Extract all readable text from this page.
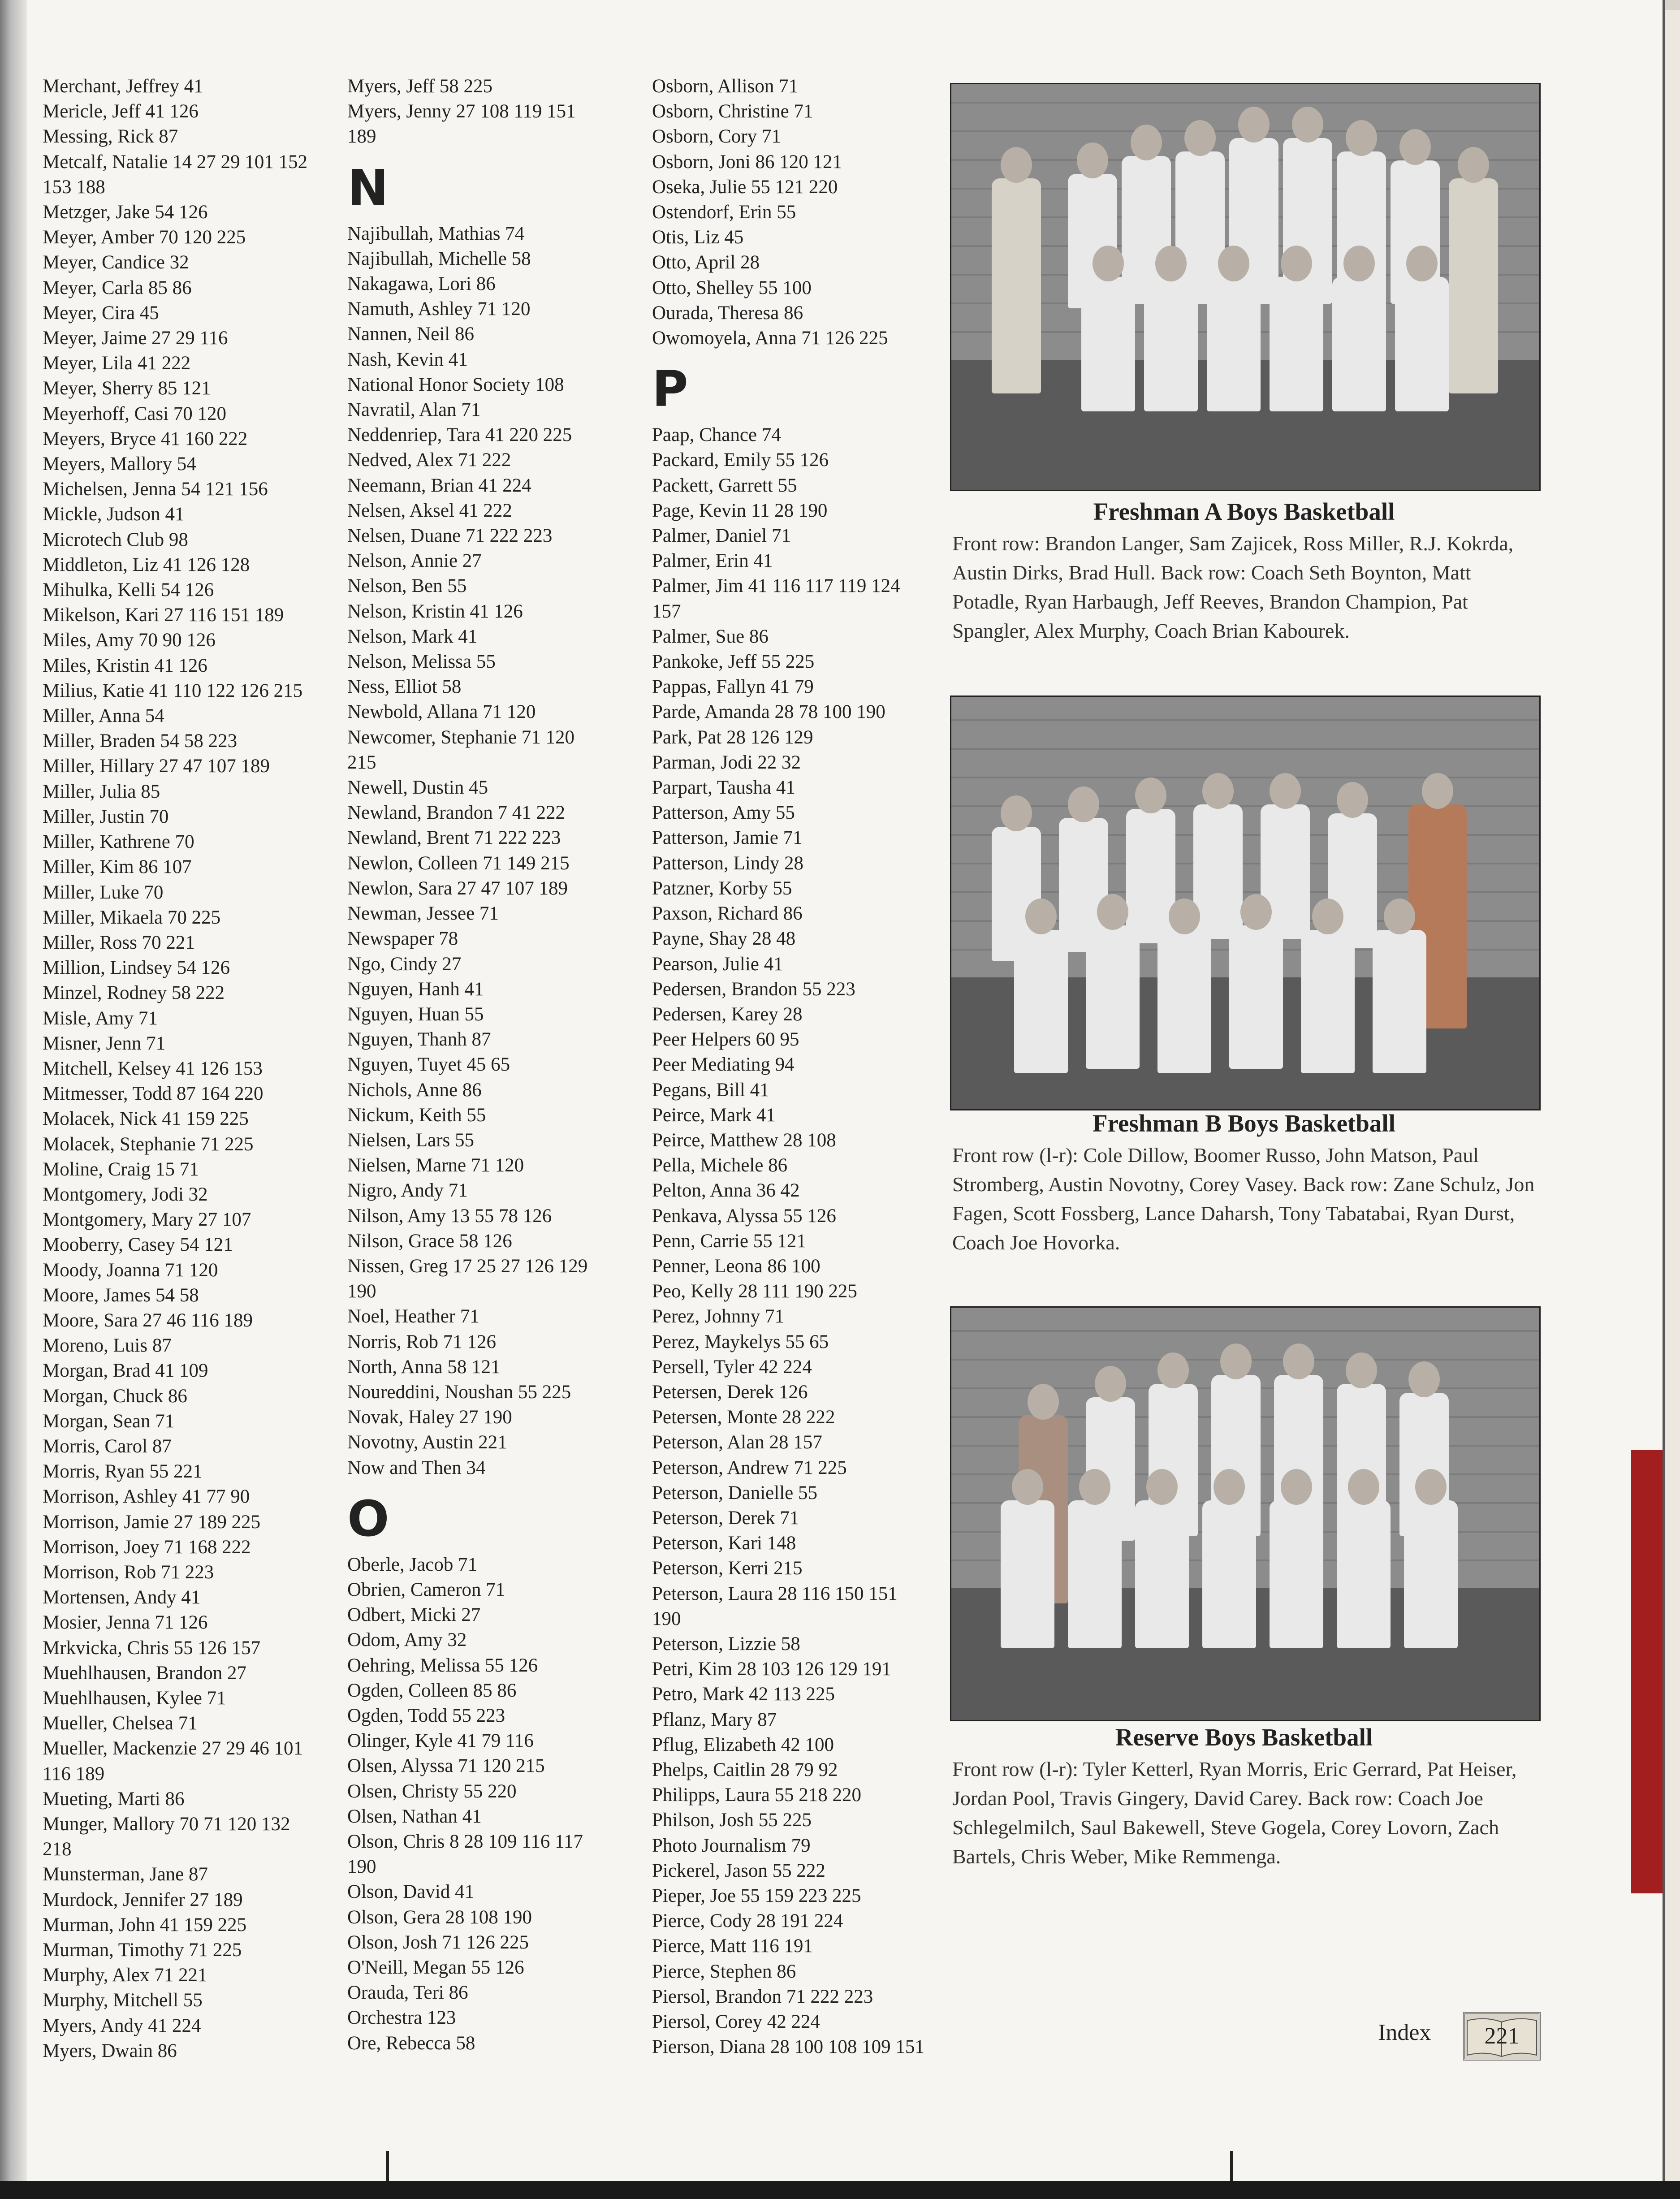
Merchant, Jeffrey 41
Mericle, Jeff 41 126
Messing, Rick 87
Metcalf, Natalie 14 27 29 101 152
153 188
Metzger, Jake 54 126
Meyer, Amber 70 120 225
Meyer, Candice 32
Meyer, Carla 85 86
Meyer, Cira 45
Meyer, Jaime 27 29 116
Meyer, Lila 41 222
Meyer, Sherry 85 121
Meyerhoff, Casi 70 120
Meyers, Bryce 41 160 222
Meyers, Mallory 54
Michelsen, Jenna 54 121 156
Mickle, Judson 41
Microtech Club 98
Middleton, Liz 41 126 128
Mihulka, Kelli 54 126
Mikelson, Kari 27 116 151 189
Miles, Amy 70 90 126
Miles, Kristin 41 126
Milius, Katie 41 110 122 126 215
Miller, Anna 54
Miller, Braden 54 58 223
Miller, Hillary 27 47 107 189
Miller, Julia 85
Miller, Justin 70
Miller, Kathrene 70
Miller, Kim 86 107
Miller, Luke 70
Miller, Mikaela 70 225
Miller, Ross 70 221
Million, Lindsey 54 126
Minzel, Rodney 58 222
Misle, Amy 71
Misner, Jenn 71
Mitchell, Kelsey 41 126 153
Mitmesser, Todd 87 164 220
Molacek, Nick 41 159 225
Molacek, Stephanie 71 225
Moline, Craig 15 71
Montgomery, Jodi 32
Montgomery, Mary 27 107
Mooberry, Casey 54 121
Moody, Joanna 71 120
Moore, James 54 58
Moore, Sara 27 46 116 189
Moreno, Luis 87
Morgan, Brad 41 109
Morgan, Chuck 86
Morgan, Sean 71
Morris, Carol 87
Morris, Ryan 55 221
Morrison, Ashley 41 77 90
Morrison, Jamie 27 189 225
Morrison, Joey 71 168 222
Morrison, Rob 71 223
Mortensen, Andy 41
Mosier, Jenna 71 126
Mrkvicka, Chris 55 126 157
Muehlhausen, Brandon 27
Muehlhausen, Kylee 71
Mueller, Chelsea 71
Mueller, Mackenzie 27 29 46 101
116 189
Mueting, Marti 86
Munger, Mallory 70 71 120 132
218
Munsterman, Jane 87
Murdock, Jennifer 27 189
Murman, John 41 159 225
Murman, Timothy 71 225
Murphy, Alex 71 221
Murphy, Mitchell 55
Myers, Andy 41 224
Myers, Dwain 86
Myers, Jeff 58 225
Myers, Jenny 27 108 119 151
189
N
Najibullah, Mathias 74
Najibullah, Michelle 58
Nakagawa, Lori 86
Namuth, Ashley 71 120
Nannen, Neil 86
Nash, Kevin 41
National Honor Society 108
Navratil, Alan 71
Neddenriep, Tara 41 220 225
Nedved, Alex 71 222
Neemann, Brian 41 224
Nelsen, Aksel 41 222
Nelsen, Duane 71 222 223
Nelson, Annie 27
Nelson, Ben 55
Nelson, Kristin 41 126
Nelson, Mark 41
Nelson, Melissa 55
Ness, Elliot 58
Newbold, Allana 71 120
Newcomer, Stephanie 71 120
215
Newell, Dustin 45
Newland, Brandon 7 41 222
Newland, Brent 71 222 223
Newlon, Colleen 71 149 215
Newlon, Sara 27 47 107 189
Newman, Jessee 71
Newspaper 78
Ngo, Cindy 27
Nguyen, Hanh 41
Nguyen, Huan 55
Nguyen, Thanh 87
Nguyen, Tuyet 45 65
Nichols, Anne 86
Nickum, Keith 55
Nielsen, Lars 55
Nielsen, Marne 71 120
Nigro, Andy 71
Nilson, Amy 13 55 78 126
Nilson, Grace 58 126
Nissen, Greg 17 25 27 126 129
190
Noel, Heather 71
Norris, Rob 71 126
North, Anna 58 121
Noureddini, Noushan 55 225
Novak, Haley 27 190
Novotny, Austin 221
Now and Then 34
O
Oberle, Jacob 71
Obrien, Cameron 71
Odbert, Micki 27
Odom, Amy 32
Oehring, Melissa 55 126
Ogden, Colleen 85 86
Ogden, Todd 55 223
Olinger, Kyle 41 79 116
Olsen, Alyssa 71 120 215
Olsen, Christy 55 220
Olsen, Nathan 41
Olson, Chris 8 28 109 116 117
190
Olson, David 41
Olson, Gera 28 108 190
Olson, Josh 71 126 225
O'Neill, Megan 55 126
Orauda, Teri 86
Orchestra 123
Ore, Rebecca 58
Osborn, Allison 71
Osborn, Christine 71
Osborn, Cory 71
Osborn, Joni 86 120 121
Oseka, Julie 55 121 220
Ostendorf, Erin 55
Otis, Liz 45
Otto, April 28
Otto, Shelley 55 100
Ourada, Theresa 86
Owomoyela, Anna 71 126 225
P
Paap, Chance 74
Packard, Emily 55 126
Packett, Garrett 55
Page, Kevin 11 28 190
Palmer, Daniel 71
Palmer, Erin 41
Palmer, Jim 41 116 117 119 124
157
Palmer, Sue 86
Pankoke, Jeff 55 225
Pappas, Fallyn 41 79
Parde, Amanda 28 78 100 190
Park, Pat 28 126 129
Parman, Jodi 22 32
Parpart, Tausha 41
Patterson, Amy 55
Patterson, Jamie 71
Patterson, Lindy 28
Patzner, Korby 55
Paxson, Richard 86
Payne, Shay 28 48
Pearson, Julie 41
Pedersen, Brandon 55 223
Pedersen, Karey 28
Peer Helpers 60 95
Peer Mediating 94
Pegans, Bill 41
Peirce, Mark 41
Peirce, Matthew 28 108
Pella, Michele 86
Pelton, Anna 36 42
Penkava, Alyssa 55 126
Penn, Carrie 55 121
Penner, Leona 86 100
Peo, Kelly 28 111 190 225
Perez, Johnny 71
Perez, Maykelys 55 65
Persell, Tyler 42 224
Petersen, Derek 126
Petersen, Monte 28 222
Peterson, Alan 28 157
Peterson, Andrew 71 225
Peterson, Danielle 55
Peterson, Derek 71
Peterson, Kari 148
Peterson, Kerri 215
Peterson, Laura 28 116 150 151
190
Peterson, Lizzie 58
Petri, Kim 28 103 126 129 191
Petro, Mark 42 113 225
Pflanz, Mary 87
Pflug, Elizabeth 42 100
Phelps, Caitlin 28 79 92
Philipps, Laura 55 218 220
Philson, Josh 55 225
Photo Journalism 79
Pickerel, Jason 55 222
Pieper, Joe 55 159 223 225
Pierce, Cody 28 191 224
Pierce, Matt 116 191
Pierce, Stephen 86
Piersol, Brandon 71 222 223
Piersol, Corey 42 224
Pierson, Diana 28 100 108 109 151
Freshman A Boys Basketball
Front row: Brandon Langer, Sam Zajicek, Ross Miller, R.J. Kokrda, Austin Dirks, Brad Hull. Back row: Coach Seth Boynton, Matt Potadle, Ryan Harbaugh, Jeff Reeves, Brandon Champion, Pat Spangler, Alex Murphy, Coach Brian Kabourek.
Freshman B Boys Basketball
Front row (l-r): Cole Dillow, Boomer Russo, John Matson, Paul Stromberg, Austin Novotny, Corey Vasey. Back row: Zane Schulz, Jon Fagen, Scott Fossberg, Lance Daharsh, Tony Tabatabai, Ryan Durst, Coach Joe Hovorka.
Reserve Boys Basketball
Front row (l-r): Tyler Ketterl, Ryan Morris, Eric Gerrard, Pat Heiser, Jordan Pool, Travis Gingery, David Carey. Back row: Coach Joe Schlegelmilch, Saul Bakewell, Steve Gogela, Corey Lovorn, Zach Bartels, Chris Weber, Mike Remmenga.
Index	221
